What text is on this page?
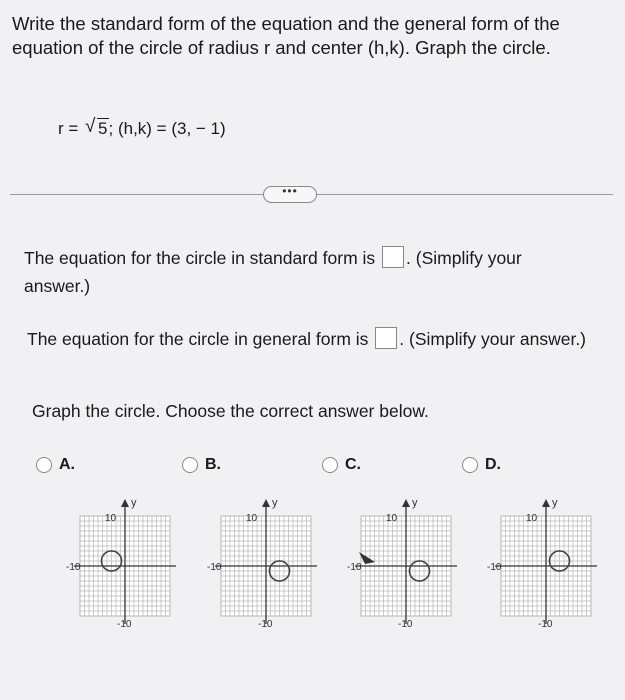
Write the standard form of the equation and the general form of the equation of the circle of radius r and center (h,k). Graph the circle.
r = √ 5; (h,k) = (3, − 1)
•••
The equation for the circle in standard form is . (Simplify your answer.)
The equation for the circle in general form is . (Simplify your answer.)
Graph the circle. Choose the correct answer below.
A.	B.	C.	D.
y
10
-10
-10
y
10
-10
-10
y
10
-10
-10
y
10
-10
-10
